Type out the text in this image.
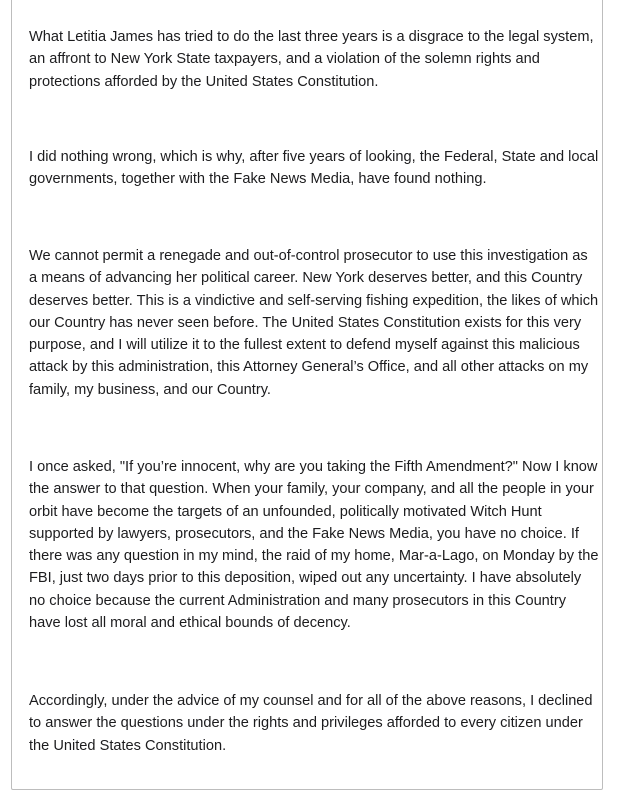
What Letitia James has tried to do the last three years is a disgrace to the legal system, an affront to New York State taxpayers, and a violation of the solemn rights and protections afforded by the United States Constitution.

I did nothing wrong, which is why, after five years of looking, the Federal, State and local governments, together with the Fake News Media, have found nothing.

We cannot permit a renegade and out-of-control prosecutor to use this investigation as a means of advancing her political career. New York deserves better, and this Country deserves better. This is a vindictive and self-serving fishing expedition, the likes of which our Country has never seen before. The United States Constitution exists for this very purpose, and I will utilize it to the fullest extent to defend myself against this malicious attack by this administration, this Attorney General’s Office, and all other attacks on my family, my business, and our Country.

I once asked, "If you’re innocent, why are you taking the Fifth Amendment?" Now I know the answer to that question. When your family, your company, and all the people in your orbit have become the targets of an unfounded, politically motivated Witch Hunt supported by lawyers, prosecutors, and the Fake News Media, you have no choice. If there was any question in my mind, the raid of my home, Mar-a-Lago, on Monday by the FBI, just two days prior to this deposition, wiped out any uncertainty. I have absolutely no choice because the current Administration and many prosecutors in this Country have lost all moral and ethical bounds of decency.

Accordingly, under the advice of my counsel and for all of the above reasons, I declined to answer the questions under the rights and privileges afforded to every citizen under the United States Constitution.
